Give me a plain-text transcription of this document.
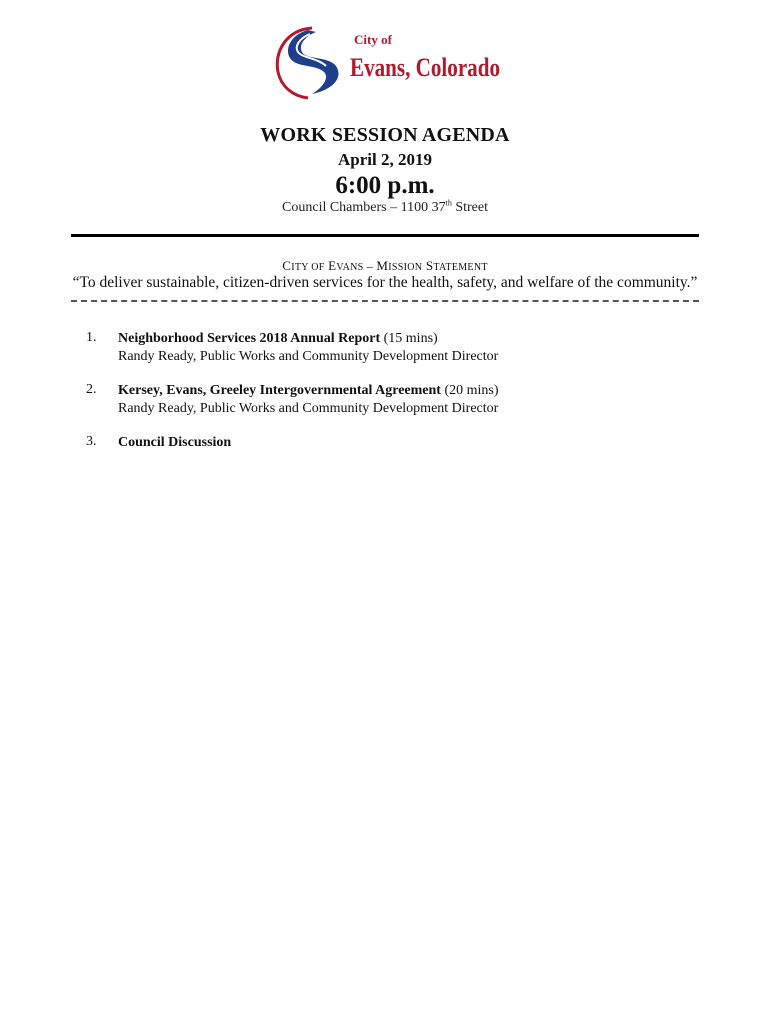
City of
Evans, Colorado
WORK SESSION AGENDA
April 2, 2019
6:00 p.m.
Council Chambers – 1100 37th Street
CITY OF EVANS – MISSION STATEMENT
“To deliver sustainable, citizen-driven services for the health, safety, and welfare of the community.”
1.	Neighborhood Services 2018 Annual Report (15 mins)
Randy Ready, Public Works and Community Development Director
2.	Kersey, Evans, Greeley Intergovernmental Agreement (20 mins)
Randy Ready, Public Works and Community Development Director
3.	Council Discussion
